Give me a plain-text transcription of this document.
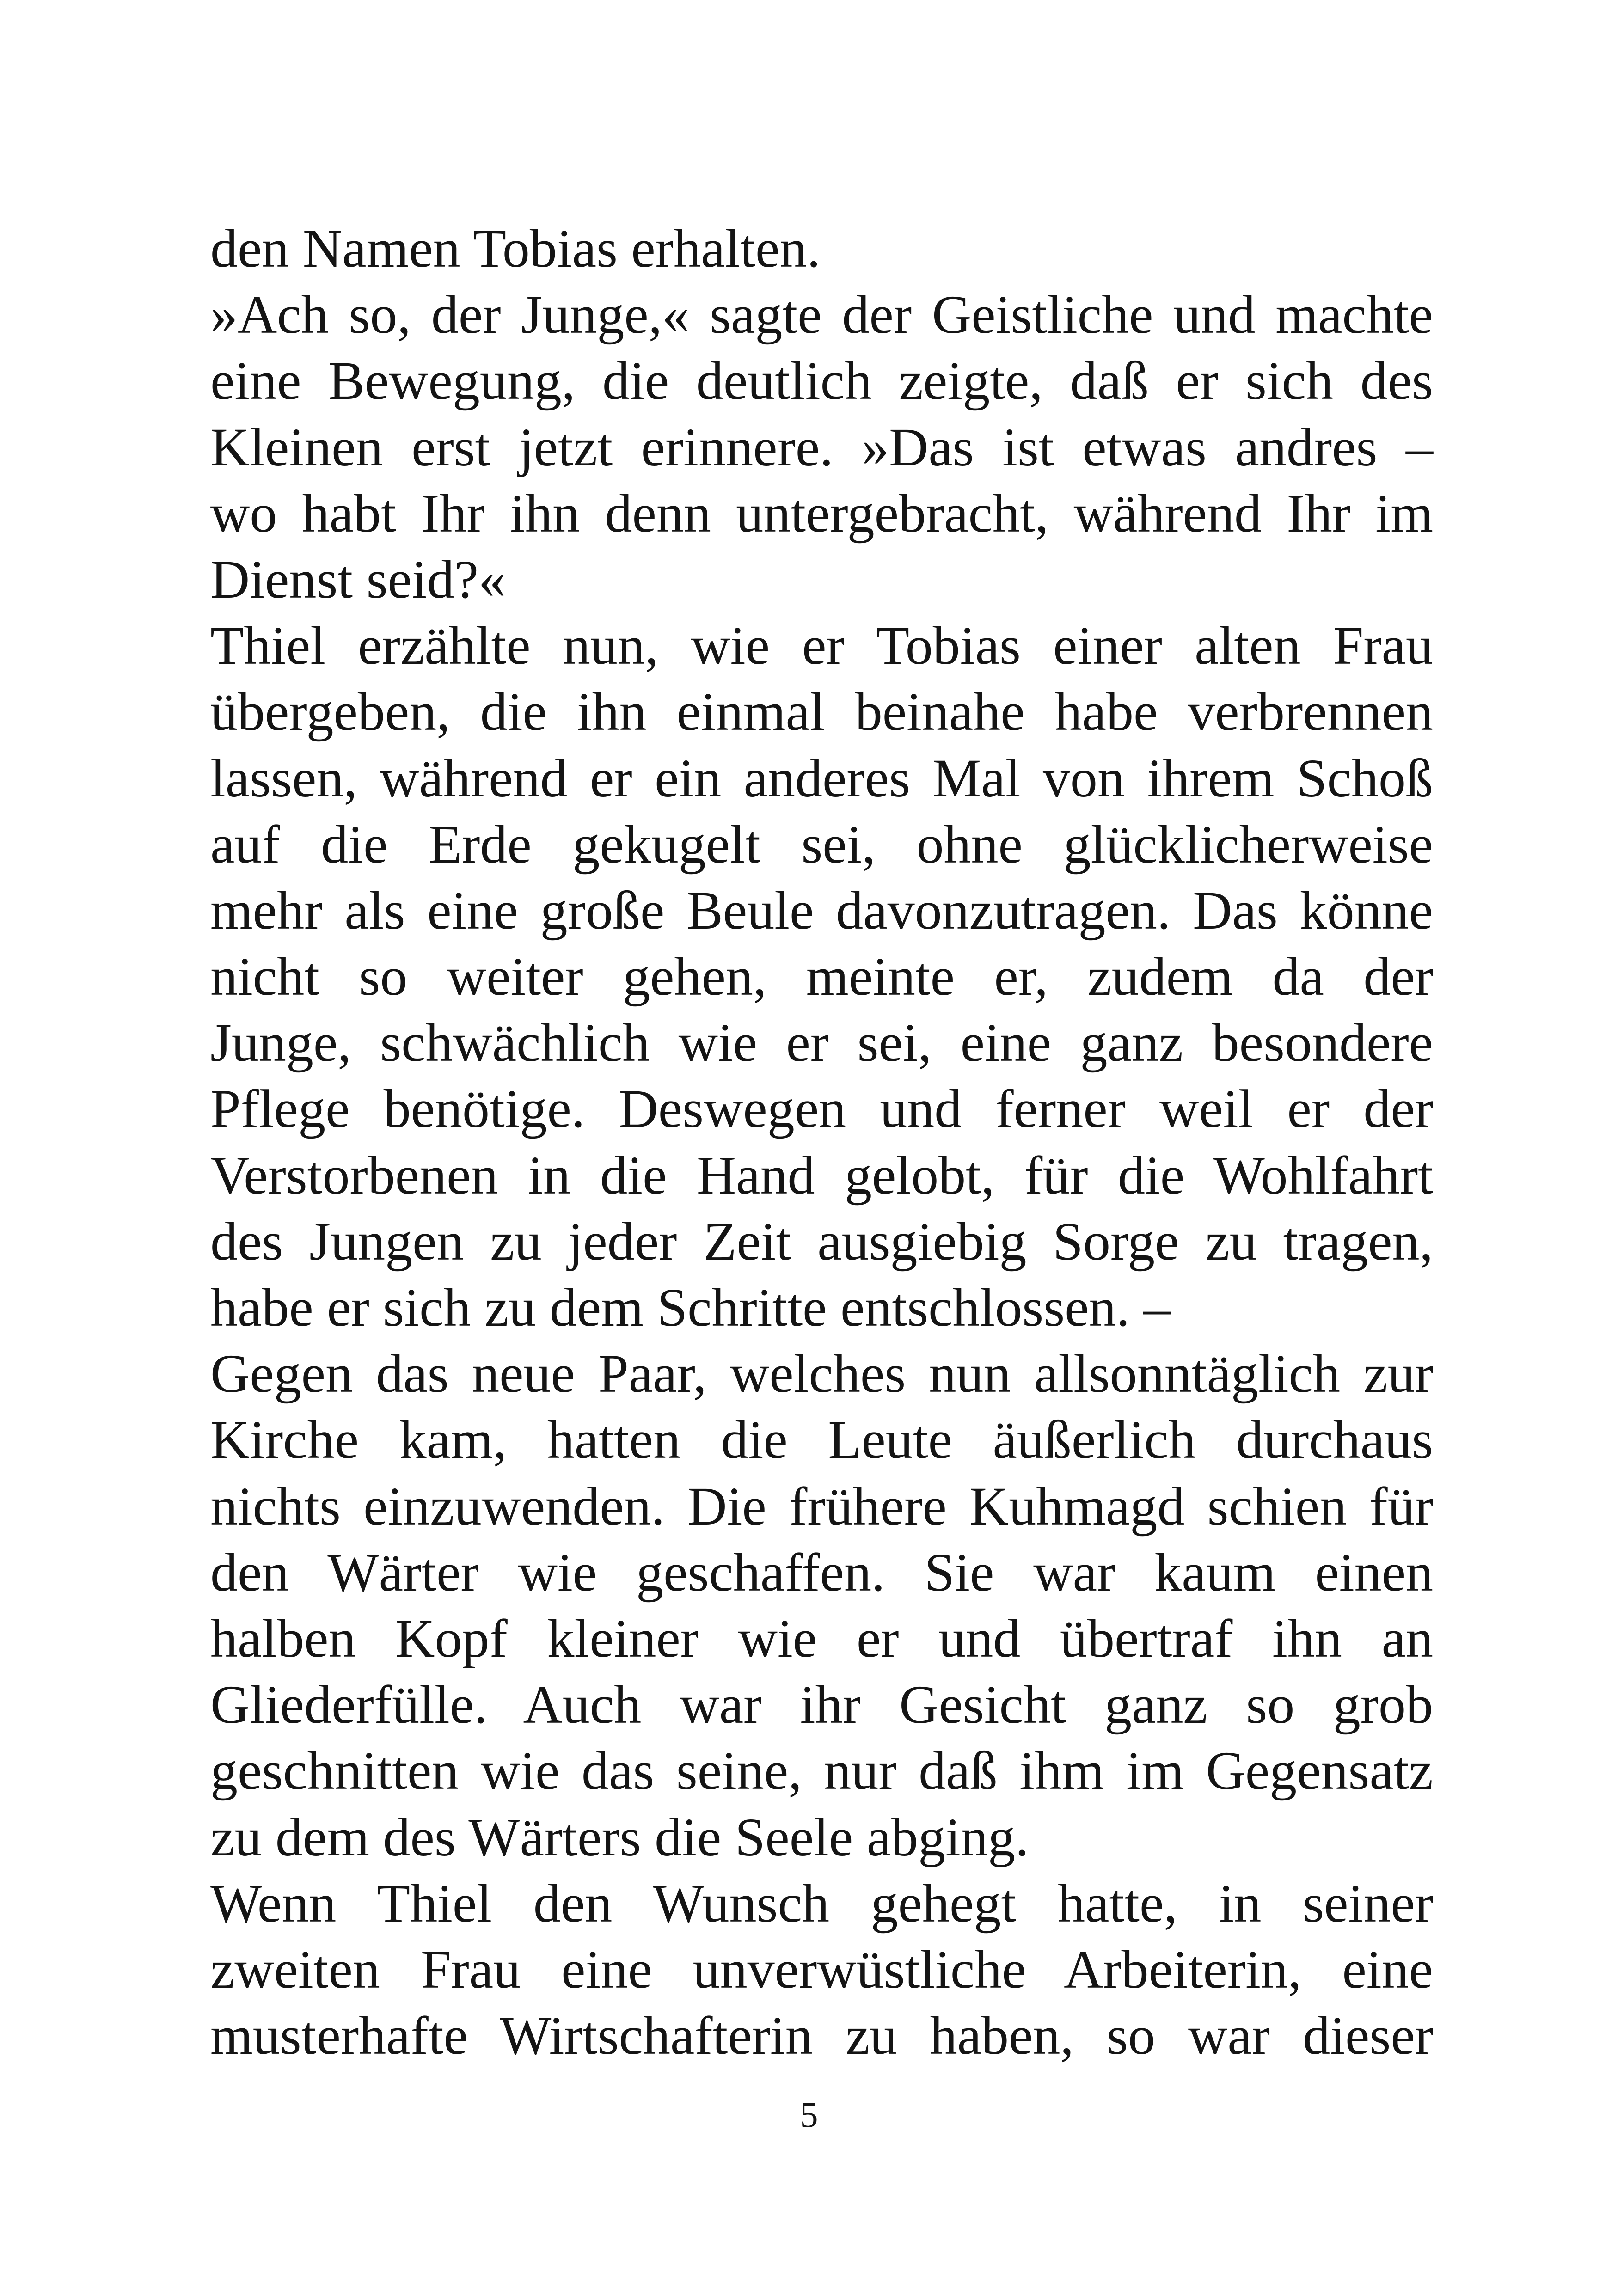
den Namen Tobias erhalten.
»Ach so, der Junge,« sagte der Geistliche und machte
eine Bewegung, die deutlich zeigte, daß er sich des
Kleinen erst jetzt erinnere. »Das ist etwas andres –
wo habt Ihr ihn denn untergebracht, während Ihr im
Dienst seid?«
Thiel erzählte nun, wie er Tobias einer alten Frau
übergeben, die ihn einmal beinahe habe verbrennen
lassen, während er ein anderes Mal von ihrem Schoß
auf die Erde gekugelt sei, ohne glücklicherweise
mehr als eine große Beule davonzutragen. Das könne
nicht so weiter gehen, meinte er, zudem da der
Junge, schwächlich wie er sei, eine ganz besondere
Pflege benötige. Deswegen und ferner weil er der
Verstorbenen in die Hand gelobt, für die Wohlfahrt
des Jungen zu jeder Zeit ausgiebig Sorge zu tragen,
habe er sich zu dem Schritte entschlossen. –
Gegen das neue Paar, welches nun allsonntäglich zur
Kirche kam, hatten die Leute äußerlich durchaus
nichts einzuwenden. Die frühere Kuhmagd schien für
den Wärter wie geschaffen. Sie war kaum einen
halben Kopf kleiner wie er und übertraf ihn an
Gliederfülle. Auch war ihr Gesicht ganz so grob
geschnitten wie das seine, nur daß ihm im Gegensatz
zu dem des Wärters die Seele abging.
Wenn Thiel den Wunsch gehegt hatte, in seiner
zweiten Frau eine unverwüstliche Arbeiterin, eine
musterhafte Wirtschafterin zu haben, so war dieser
5
